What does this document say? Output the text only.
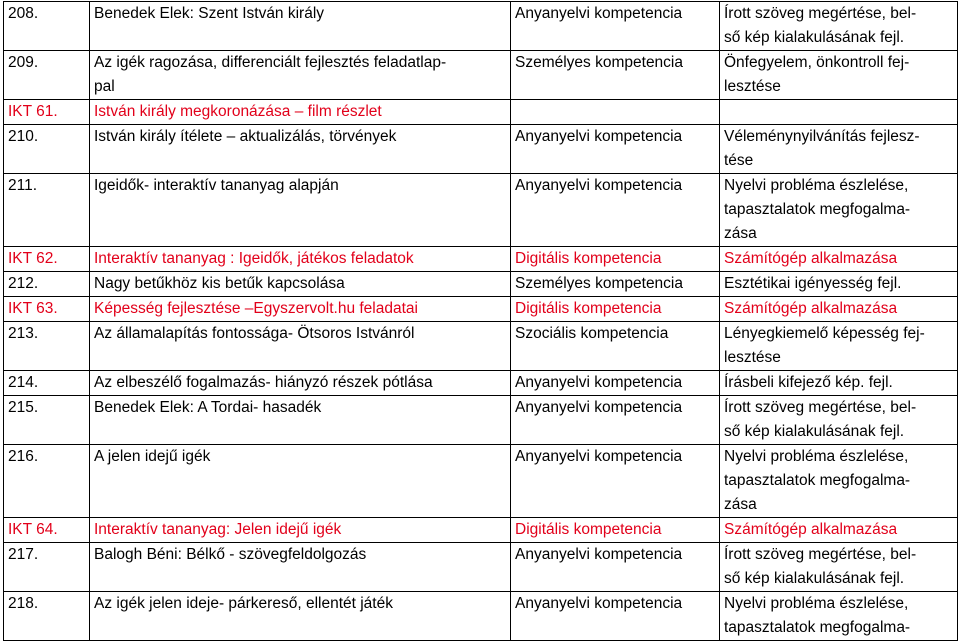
208.	Benedek Elek: Szent István király	Anyanyelvi kompetencia	Írott szöveg megértése, bel-
ső kép kialakulásának fejl.
209.	Az igék ragozása, differenciált fejlesztés feladatlap-
pal	Személyes kompetencia	Önfegyelem, önkontroll fej-
lesztése
IKT 61.	István király megkoronázása – film részlet		
210.	István király ítélete – aktualizálás, törvények	Anyanyelvi kompetencia	Véleménynyilvánítás fejlesz-
tése
211.	Igeidők- interaktív tananyag alapján	Anyanyelvi kompetencia	Nyelvi probléma észlelése,
tapasztalatok megfogalma-
zása
IKT 62.	Interaktív tananyag : Igeidők, játékos feladatok	Digitális kompetencia	Számítógép alkalmazása
212.	Nagy betűkhöz kis betűk kapcsolása	Személyes kompetencia	Esztétikai igényesség fejl.
IKT 63.	Képesség fejlesztése –Egyszervolt.hu feladatai	Digitális kompetencia	Számítógép alkalmazása
213.	Az államalapítás fontossága- Ötsoros Istvánról	Szociális kompetencia	Lényegkiemelő képesség fej-
lesztése
214.	Az elbeszélő fogalmazás- hiányzó részek pótlása	Anyanyelvi kompetencia	Írásbeli kifejező kép. fejl.
215.	Benedek Elek: A Tordai- hasadék	Anyanyelvi kompetencia	Írott szöveg megértése, bel-
ső kép kialakulásának fejl.
216.	A jelen idejű igék	Anyanyelvi kompetencia	Nyelvi probléma észlelése,
tapasztalatok megfogalma-
zása
IKT 64.	Interaktív tananyag: Jelen idejű igék	Digitális kompetencia	Számítógép alkalmazása
217.	Balogh Béni: Bélkő - szövegfeldolgozás	Anyanyelvi kompetencia	Írott szöveg megértése, bel-
ső kép kialakulásának fejl.
218.	Az igék jelen ideje- párkereső, ellentét játék	Anyanyelvi kompetencia	Nyelvi probléma észlelése,
tapasztalatok megfogalma-
